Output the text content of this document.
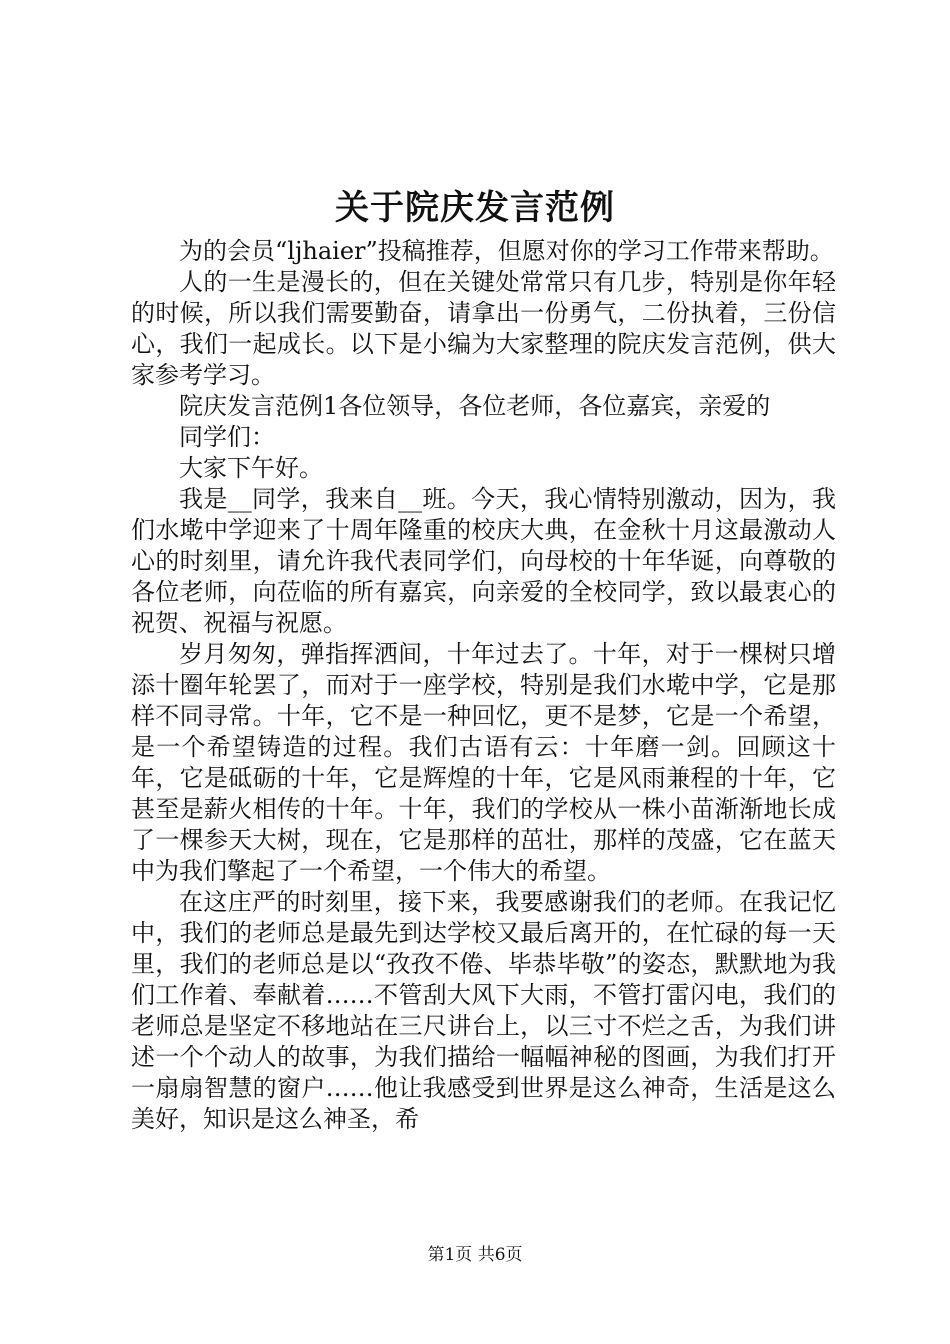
关于院庆发言范例

为的会员“ljhaier”投稿推荐，但愿对你的学习工作带来帮助。

人的一生是漫长的，但在关键处常常只有几步，特别是你年轻的时候，所以我们需要勤奋，请拿出一份勇气，二份执着，三份信心，我们一起成长。以下是小编为大家整理的院庆发言范例，供大家参考学习。

院庆发言范例1各位领导，各位老师，各位嘉宾，亲爱的

同学们：

大家下午好。

我是__同学，我来自__班。今天，我心情特别激动，因为，我们水墘中学迎来了十周年隆重的校庆大典，在金秋十月这最激动人心的时刻里，请允许我代表同学们，向母校的十年华诞，向尊敬的各位老师，向莅临的所有嘉宾，向亲爱的全校同学，致以最衷心的祝贺、祝福与祝愿。

岁月匆匆，弹指挥洒间，十年过去了。十年，对于一棵树只增添十圈年轮罢了，而对于一座学校，特别是我们水墘中学，它是那样不同寻常。十年，它不是一种回忆，更不是梦，它是一个希望，是一个希望铸造的过程。我们古语有云：十年磨一剑。回顾这十年，它是砥砺的十年，它是辉煌的十年，它是风雨兼程的十年，它甚至是薪火相传的十年。十年，我们的学校从一株小苗渐渐地长成了一棵参天大树，现在，它是那样的茁壮，那样的茂盛，它在蓝天中为我们擎起了一个希望，一个伟大的希望。

在这庄严的时刻里，接下来，我要感谢我们的老师。在我记忆中，我们的老师总是最先到达学校又最后离开的，在忙碌的每一天里，我们的老师总是以“孜孜不倦、毕恭毕敬”的姿态，默默地为我们工作着、奉献着……不管刮大风下大雨，不管打雷闪电，我们的老师总是坚定不移地站在三尺讲台上，以三寸不烂之舌，为我们讲述一个个动人的故事，为我们描给一幅幅神秘的图画，为我们打开一扇扇智慧的窗户……他让我感受到世界是这么神奇，生活是这么美好，知识是这么神圣，希

第1页 共6页
